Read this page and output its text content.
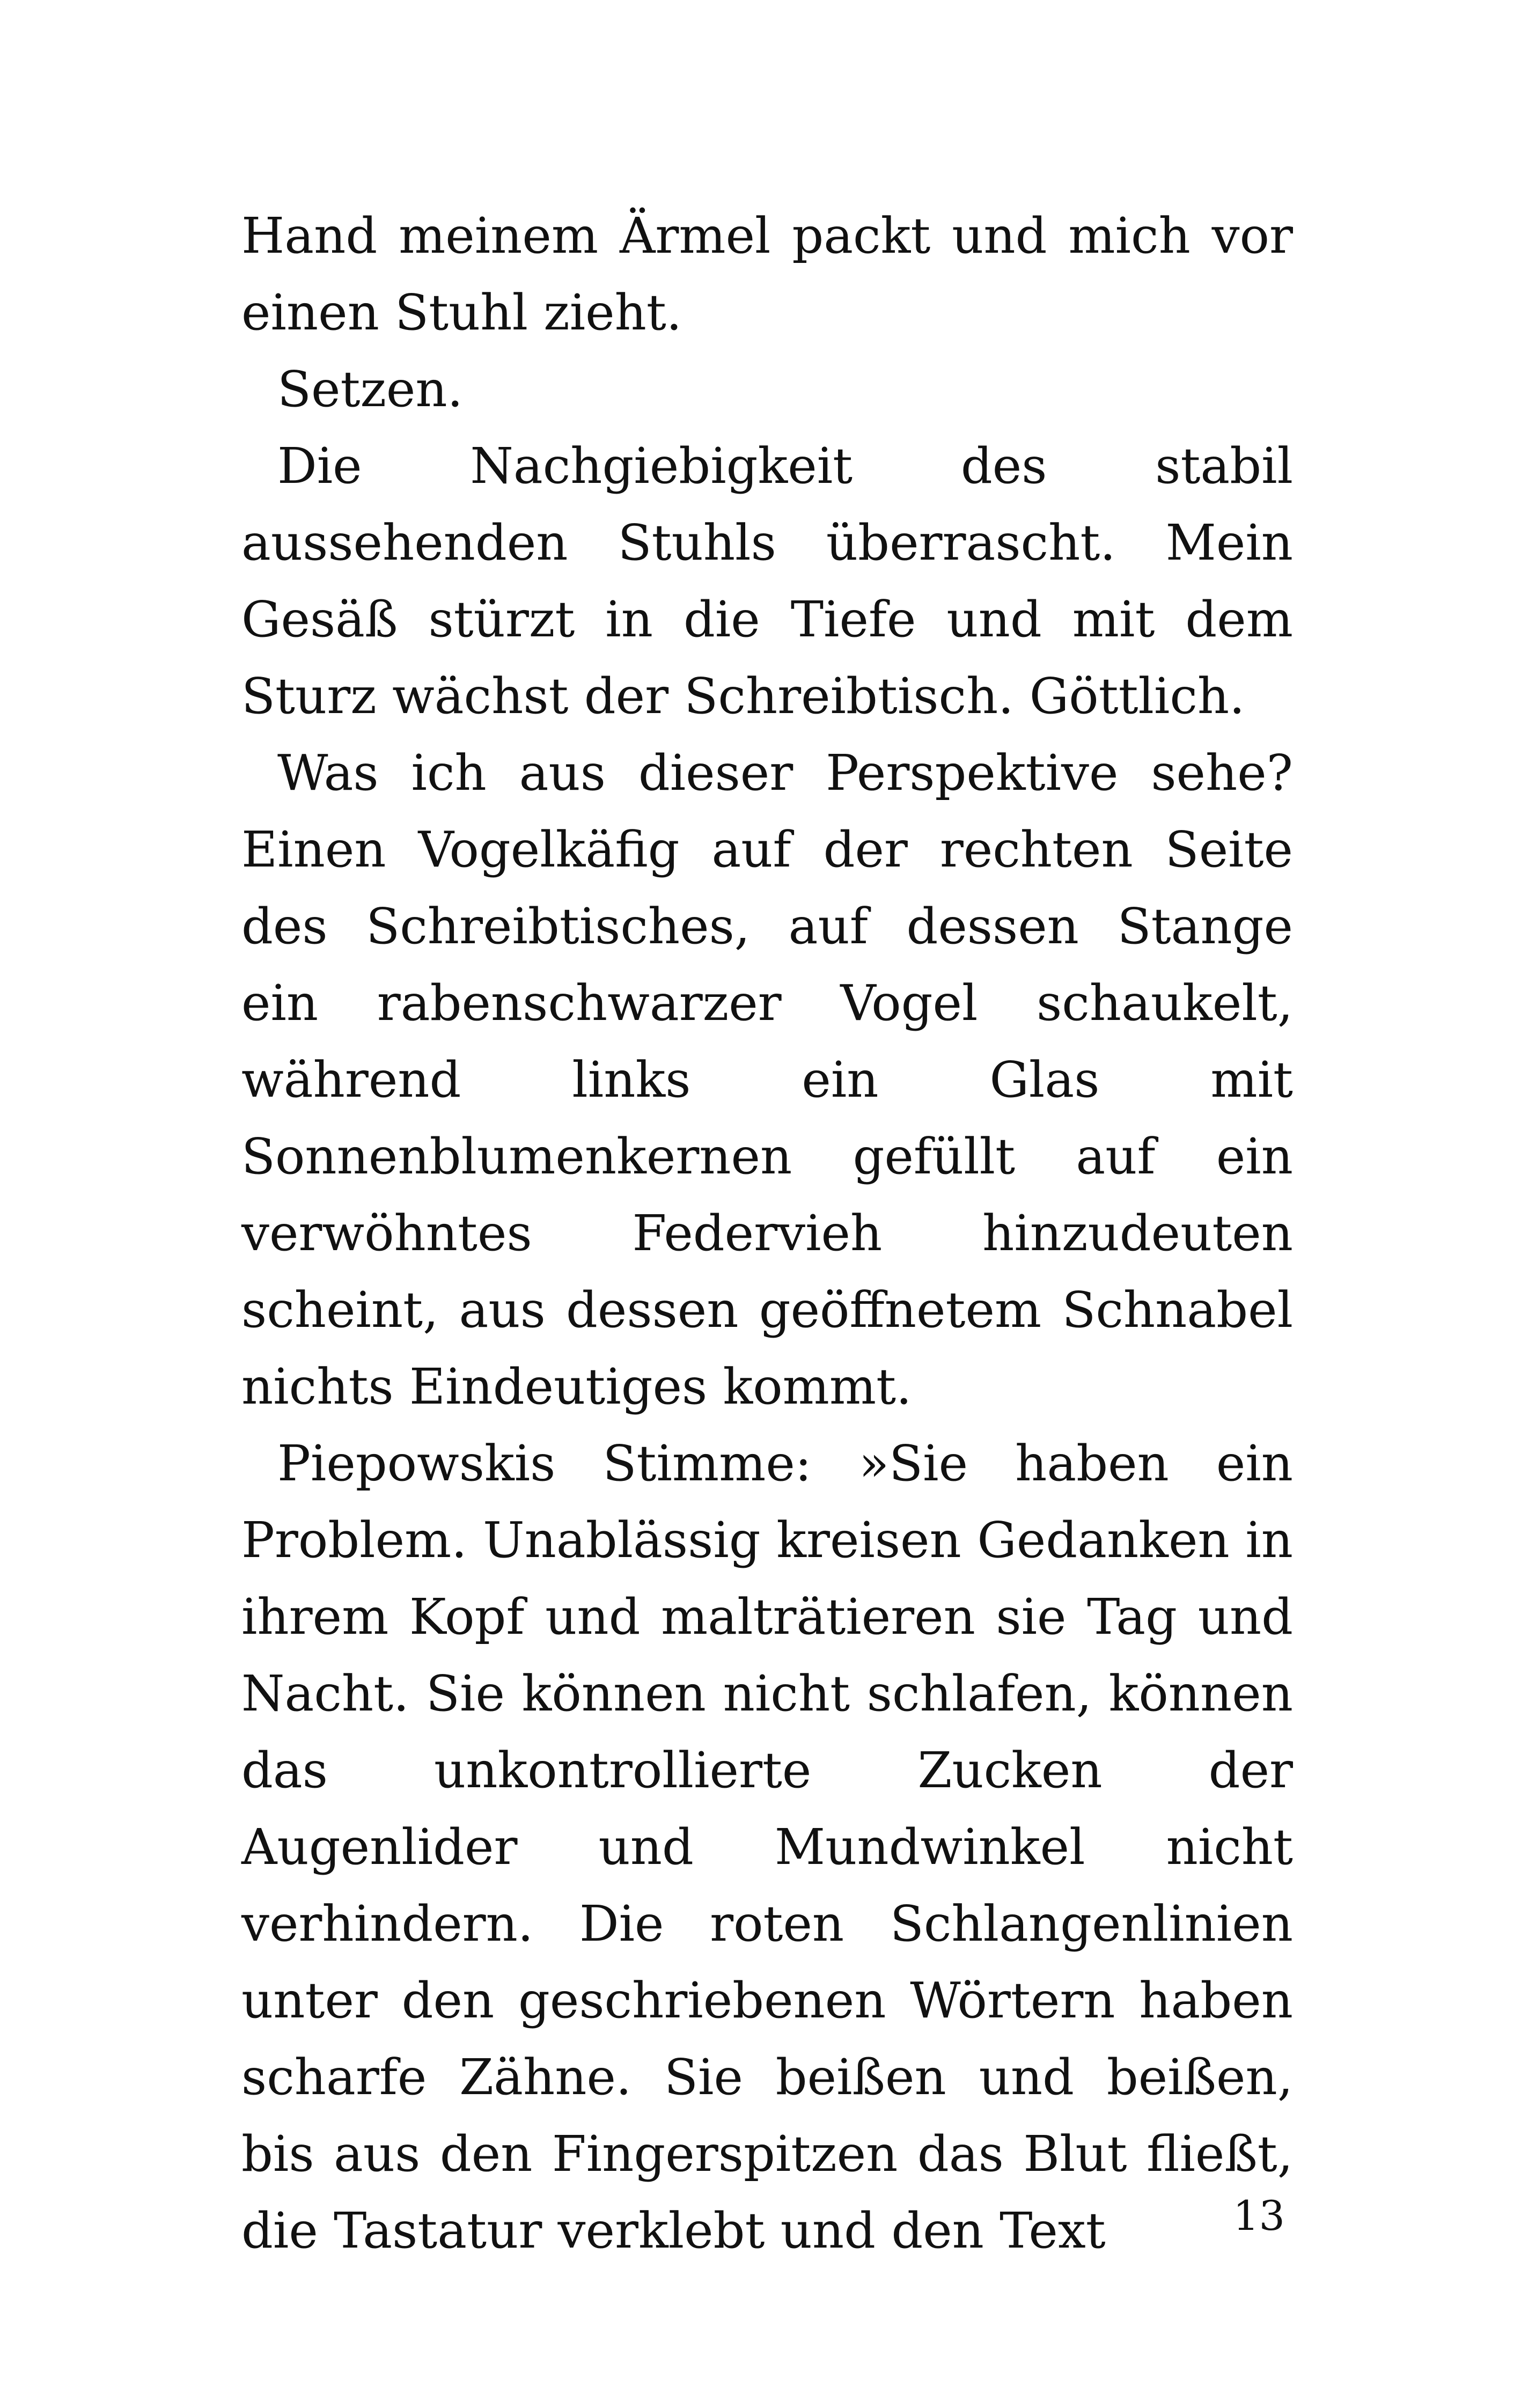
Hand meinem Ärmel packt und mich vor einen Stuhl zieht.

Setzen.

Die Nachgiebigkeit des stabil aussehenden Stuhls überrascht. Mein Gesäß stürzt in die Tiefe und mit dem Sturz wächst der Schreibtisch. Göttlich.

Was ich aus dieser Perspektive sehe? Einen Vogelkäfig auf der rechten Seite des Schreibtisches, auf dessen Stange ein rabenschwarzer Vogel schaukelt, während links ein Glas mit Sonnenblumenkernen gefüllt auf ein verwöhntes Federvieh hinzudeuten scheint, aus dessen geöffnetem Schnabel nichts Eindeutiges kommt.

Piepowskis Stimme: »Sie haben ein Problem. Unablässig kreisen Gedanken in ihrem Kopf und malträtieren sie Tag und Nacht. Sie können nicht schlafen, können das unkontrollierte Zucken der Augenlider und Mundwinkel nicht verhindern. Die roten Schlangenlinien unter den geschriebenen Wörtern haben scharfe Zähne. Sie beißen und beißen, bis aus den Fingerspitzen das Blut fließt, die Tastatur verklebt und den Text	13
